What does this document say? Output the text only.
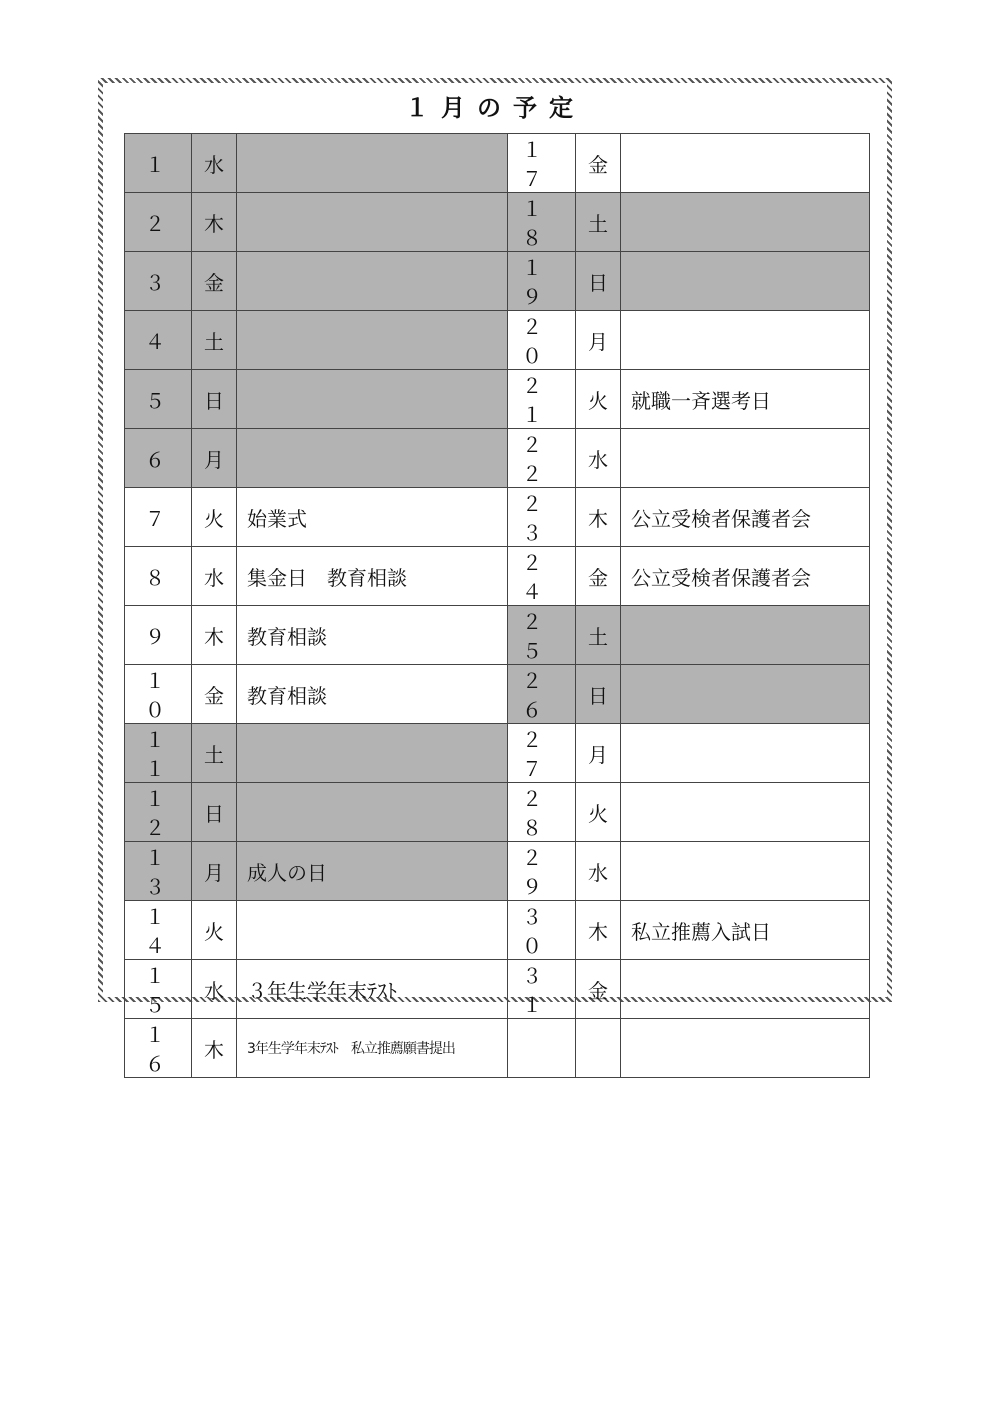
１月の予定
１	水		１７	金	
２	木		１８	土	
３	金		１９	日	
４	土		２０	月	
５	日		２１	火	就職一斉選考日
６	月		２２	水	
７	火	始業式	２３	木	公立受検者保護者会
８	水	集金日　教育相談	２４	金	公立受検者保護者会
９	木	教育相談	２５	土	
１０	金	教育相談	２６	日	
１１	土		２７	月	
１２	日		２８	火	
１３	月	成人の日	２９	水	
１４	火		３０	木	私立推薦入試日
１５	水	３年生学年末ﾃｽﾄ	３１	金	
１６	木	3年生学年末ﾃｽﾄ　私立推薦願書提出			
